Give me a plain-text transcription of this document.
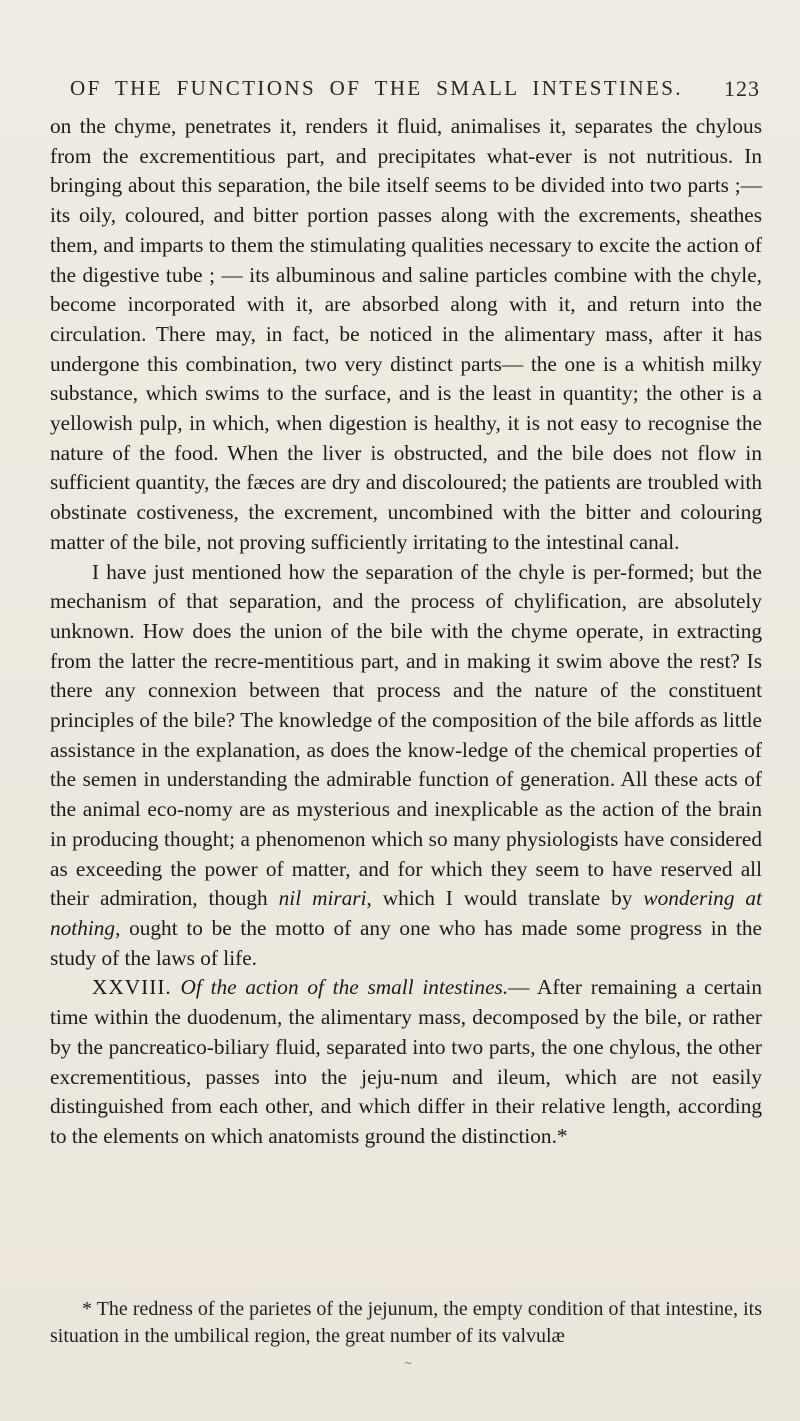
OF THE FUNCTIONS OF THE SMALL INTESTINES. 123

on the chyme, penetrates it, renders it fluid, animalises it, separates the chylous from the excrementitious part, and precipitates what-ever is not nutritious. In bringing about this separation, the bile itself seems to be divided into two parts ;—its oily, coloured, and bitter portion passes along with the excrements, sheathes them, and imparts to them the stimulating qualities necessary to excite the action of the digestive tube ; — its albuminous and saline particles combine with the chyle, become incorporated with it, are absorbed along with it, and return into the circulation. There may, in fact, be noticed in the alimentary mass, after it has undergone this combination, two very distinct parts— the one is a whitish milky substance, which swims to the surface, and is the least in quantity; the other is a yellowish pulp, in which, when digestion is healthy, it is not easy to recognise the nature of the food. When the liver is obstructed, and the bile does not flow in sufficient quantity, the fæces are dry and discoloured; the patients are troubled with obstinate costiveness, the excrement, uncombined with the bitter and colouring matter of the bile, not proving sufficiently irritating to the intestinal canal.

I have just mentioned how the separation of the chyle is per-formed; but the mechanism of that separation, and the process of chylification, are absolutely unknown. How does the union of the bile with the chyme operate, in extracting from the latter the recre-mentitious part, and in making it swim above the rest? Is there any connexion between that process and the nature of the constituent principles of the bile? The knowledge of the composition of the bile affords as little assistance in the explanation, as does the know-ledge of the chemical properties of the semen in understanding the admirable function of generation. All these acts of the animal eco-nomy are as mysterious and inexplicable as the action of the brain in producing thought; a phenomenon which so many physiologists have considered as exceeding the power of matter, and for which they seem to have reserved all their admiration, though nil mirari, which I would translate by wondering at nothing, ought to be the motto of any one who has made some progress in the study of the laws of life.

XXVIII. Of the action of the small intestines.— After remaining a certain time within the duodenum, the alimentary mass, decomposed by the bile, or rather by the pancreatico-biliary fluid, separated into two parts, the one chylous, the other excrementitious, passes into the jeju-num and ileum, which are not easily distinguished from each other, and which differ in their relative length, according to the elements on which anatomists ground the distinction.*

* The redness of the parietes of the jejunum, the empty condition of that intestine, its situation in the umbilical region, the great number of its valvulæ
~
